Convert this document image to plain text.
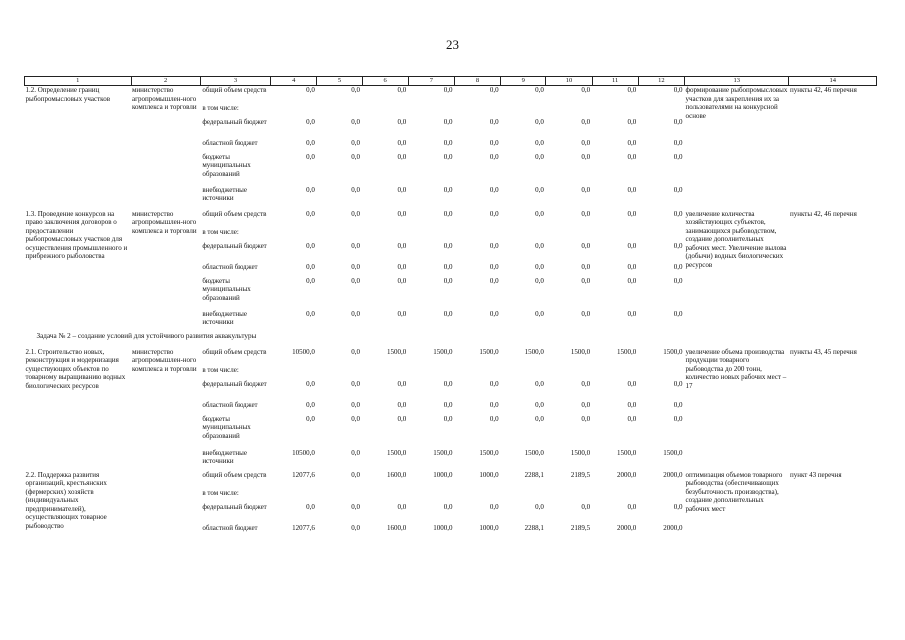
23
1	2	3	4	5	6	7	8	9	10	11	12	13	14
1.2. Определение границ рыбопромысловых участков	министерство агропромышлен-ного комплекса и торговли	общий объем средств	0,0	0,0	0,0	0,0	0,0	0,0	0,0	0,0	0,0	формирование рыбопромысловых участков для закрепления их за пользователями на конкурсной основе	пункты 42, 46 перечня
		в том числе:											
		федеральный бюджет	0,0	0,0	0,0	0,0	0,0	0,0	0,0	0,0	0,0		
		областной бюджет	0,0	0,0	0,0	0,0	0,0	0,0	0,0	0,0	0,0		
		бюджеты муниципальных образований	0,0	0,0	0,0	0,0	0,0	0,0	0,0	0,0	0,0		
		внебюджетные источники	0,0	0,0	0,0	0,0	0,0	0,0	0,0	0,0	0,0		
1.3. Проведение конкурсов на право заключения договоров о предоставлении рыбопромысловых участков для осуществления промышленного и прибрежного рыболовства	министерство агропромышлен-ного комплекса и торговли	общий объем средств	0,0	0,0	0,0	0,0	0,0	0,0	0,0	0,0	0,0	увеличение количества хозяйствующих субъектов, занимающихся рыбоводством, создание дополнительных рабочих мест. Увеличение вылова (добычи) водных биологических ресурсов	пункты 42, 46 перечня
		в том числе:											
		федеральный бюджет	0,0	0,0	0,0	0,0	0,0	0,0	0,0	0,0	0,0		
		областной бюджет	0,0	0,0	0,0	0,0	0,0	0,0	0,0	0,0	0,0		
		бюджеты муниципальных образований	0,0	0,0	0,0	0,0	0,0	0,0	0,0	0,0	0,0		
		внебюджетные источники	0,0	0,0	0,0	0,0	0,0	0,0	0,0	0,0	0,0		
Задача № 2 – создание условий для устойчивого развития аквакультуры													
2.1. Строительство новых, реконструкция и модернизация существующих объектов по товарному выращиванию водных биологических ресурсов	министерство агропромышлен-ного комплекса и торговли	общий объем средств	10500,0	0,0	1500,0	1500,0	1500,0	1500,0	1500,0	1500,0	1500,0	увеличение объема производства продукции товарного рыбоводства до 200 тонн, количество новых рабочих мест – 17	пункты 43, 45 перечня
		в том числе:											
		федеральный бюджет	0,0	0,0	0,0	0,0	0,0	0,0	0,0	0,0	0,0		
		областной бюджет	0,0	0,0	0,0	0,0	0,0	0,0	0,0	0,0	0,0		
		бюджеты муниципальных образований	0,0	0,0	0,0	0,0	0,0	0,0	0,0	0,0	0,0		
		внебюджетные источники	10500,0	0,0	1500,0	1500,0	1500,0	1500,0	1500,0	1500,0	1500,0		
2.2. Поддержка развития организаций, крестьянских (фермерских) хозяйств (индивидуальных предпринимателей), осуществляющих товарное рыбоводство		общий объем средств	12077,6	0,0	1600,0	1000,0	1000,0	2288,1	2189,5	2000,0	2000,0	оптимизация объемов товарного рыбоводства (обеспечивающих безубыточность производства), создание дополнительных рабочих мест	пункт 43 перечня
		в том числе:											
		федеральный бюджет	0,0	0,0	0,0	0,0	0,0	0,0	0,0	0,0	0,0		
		областной бюджет	12077,6	0,0	1600,0	1000,0	1000,0	2288,1	2189,5	2000,0	2000,0		
